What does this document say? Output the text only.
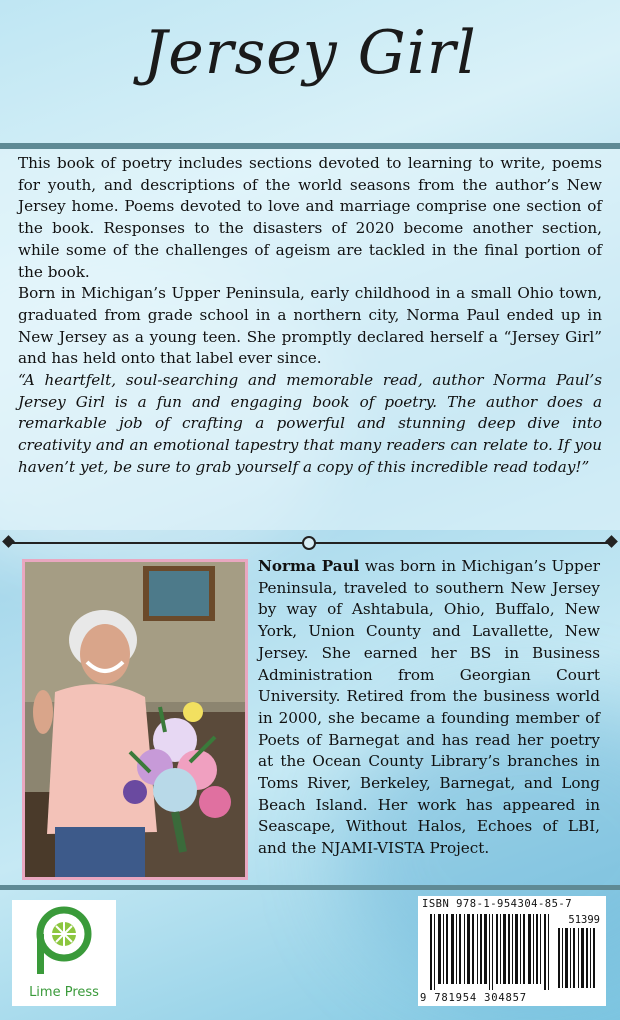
Jersey Girl

This book of poetry includes sections devoted to learning to write, poems for youth, and descriptions of the world seasons from the author’s New Jersey home. Poems devoted to love and marriage comprise one section of the book. Responses to the disasters of 2020 become another section, while some of the challenges of ageism are tackled in the final portion of the book.

Born in Michigan’s Upper Peninsula, early childhood in a small Ohio town, graduated from grade school in a northern city, Norma Paul ended up in New Jersey as a young teen. She promptly declared herself a “Jersey Girl” and has held onto that label ever since.

“A heartfelt, soul-searching and memorable read, author Norma Paul’s Jersey Girl is a fun and engaging book of poetry. The author does a remarkable job of crafting a powerful and stunning deep dive into creativity and an emotional tapestry that many readers can relate to. If you haven’t yet, be sure to grab yourself a copy of this incredible read today!”

Norma Paul was born in Michigan’s Upper Peninsula, traveled to southern New Jersey by way of Ashtabula, Ohio, Buffalo, New York, Union County and Lavallette, New Jersey. She earned her BS in Business Administration from Georgian Court University. Retired from the business world in 2000, she became a founding member of Poets of Barnegat and has read her poetry at the Ocean County Library’s branches in Toms River, Berkeley, Barnegat, and Long Beach Island. Her work has appeared in Seascape, Without Halos, Echoes of LBI, and the NJAMI-VISTA Project.
Lime Press
ISBN 978-1-954304-85-7
51399
9 781954 304857
